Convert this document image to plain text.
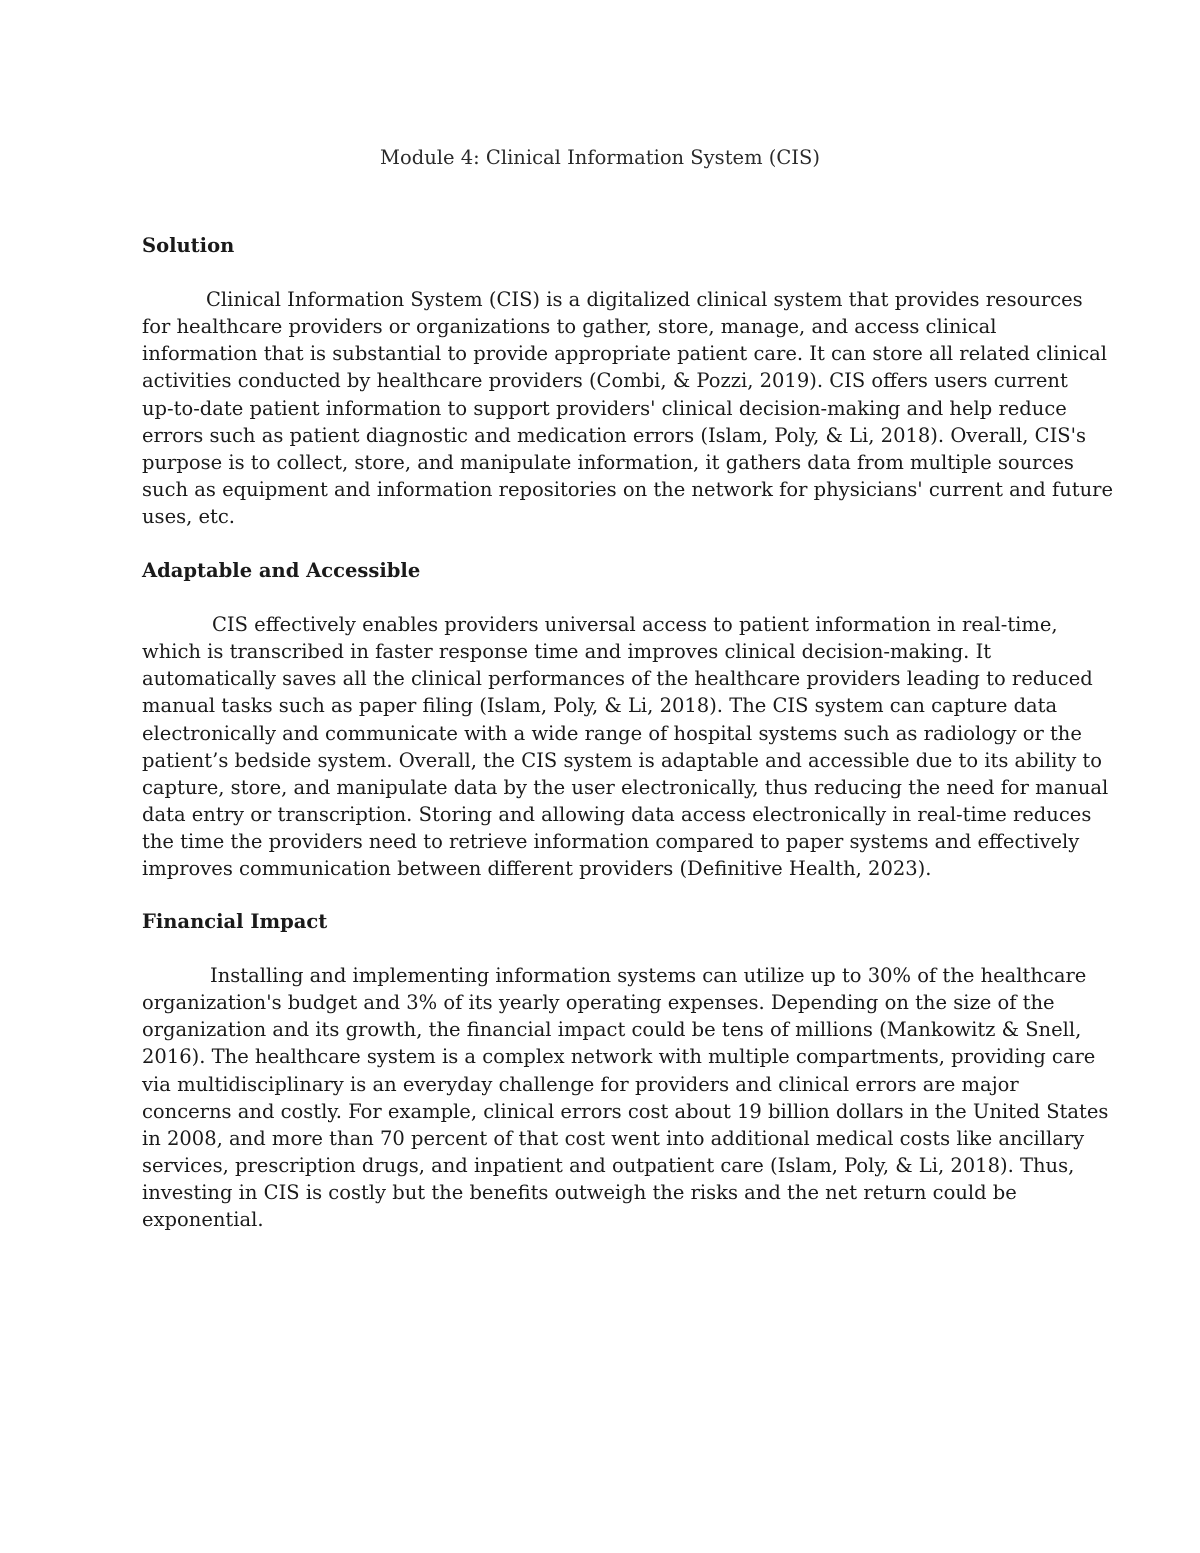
Module 4: Clinical Information System (CIS)
Solution
Clinical Information System (CIS) is a digitalized clinical system that provides resources
for healthcare providers or organizations to gather, store, manage, and access clinical
information that is substantial to provide appropriate patient care. It can store all related clinical
activities conducted by healthcare providers (Combi, & Pozzi, 2019). CIS offers users current
up-to-date patient information to support providers' clinical decision-making and help reduce
errors such as patient diagnostic and medication errors (Islam, Poly, & Li, 2018). Overall, CIS's
purpose is to collect, store, and manipulate information, it gathers data from multiple sources
such as equipment and information repositories on the network for physicians' current and future
uses, etc.
Adaptable and Accessible
CIS effectively enables providers universal access to patient information in real-time,
which is transcribed in faster response time and improves clinical decision-making. It
automatically saves all the clinical performances of the healthcare providers leading to reduced
manual tasks such as paper filing (Islam, Poly, & Li, 2018). The CIS system can capture data
electronically and communicate with a wide range of hospital systems such as radiology or the
patient’s bedside system. Overall, the CIS system is adaptable and accessible due to its ability to
capture, store, and manipulate data by the user electronically, thus reducing the need for manual
data entry or transcription. Storing and allowing data access electronically in real-time reduces
the time the providers need to retrieve information compared to paper systems and effectively
improves communication between different providers (Definitive Health, 2023).
Financial Impact
Installing and implementing information systems can utilize up to 30% of the healthcare
organization's budget and 3% of its yearly operating expenses. Depending on the size of the
organization and its growth, the financial impact could be tens of millions (Mankowitz & Snell,
2016). The healthcare system is a complex network with multiple compartments, providing care
via multidisciplinary is an everyday challenge for providers and clinical errors are major
concerns and costly. For example, clinical errors cost about 19 billion dollars in the United States
in 2008, and more than 70 percent of that cost went into additional medical costs like ancillary
services, prescription drugs, and inpatient and outpatient care (Islam, Poly, & Li, 2018). Thus,
investing in CIS is costly but the benefits outweigh the risks and the net return could be
exponential.
